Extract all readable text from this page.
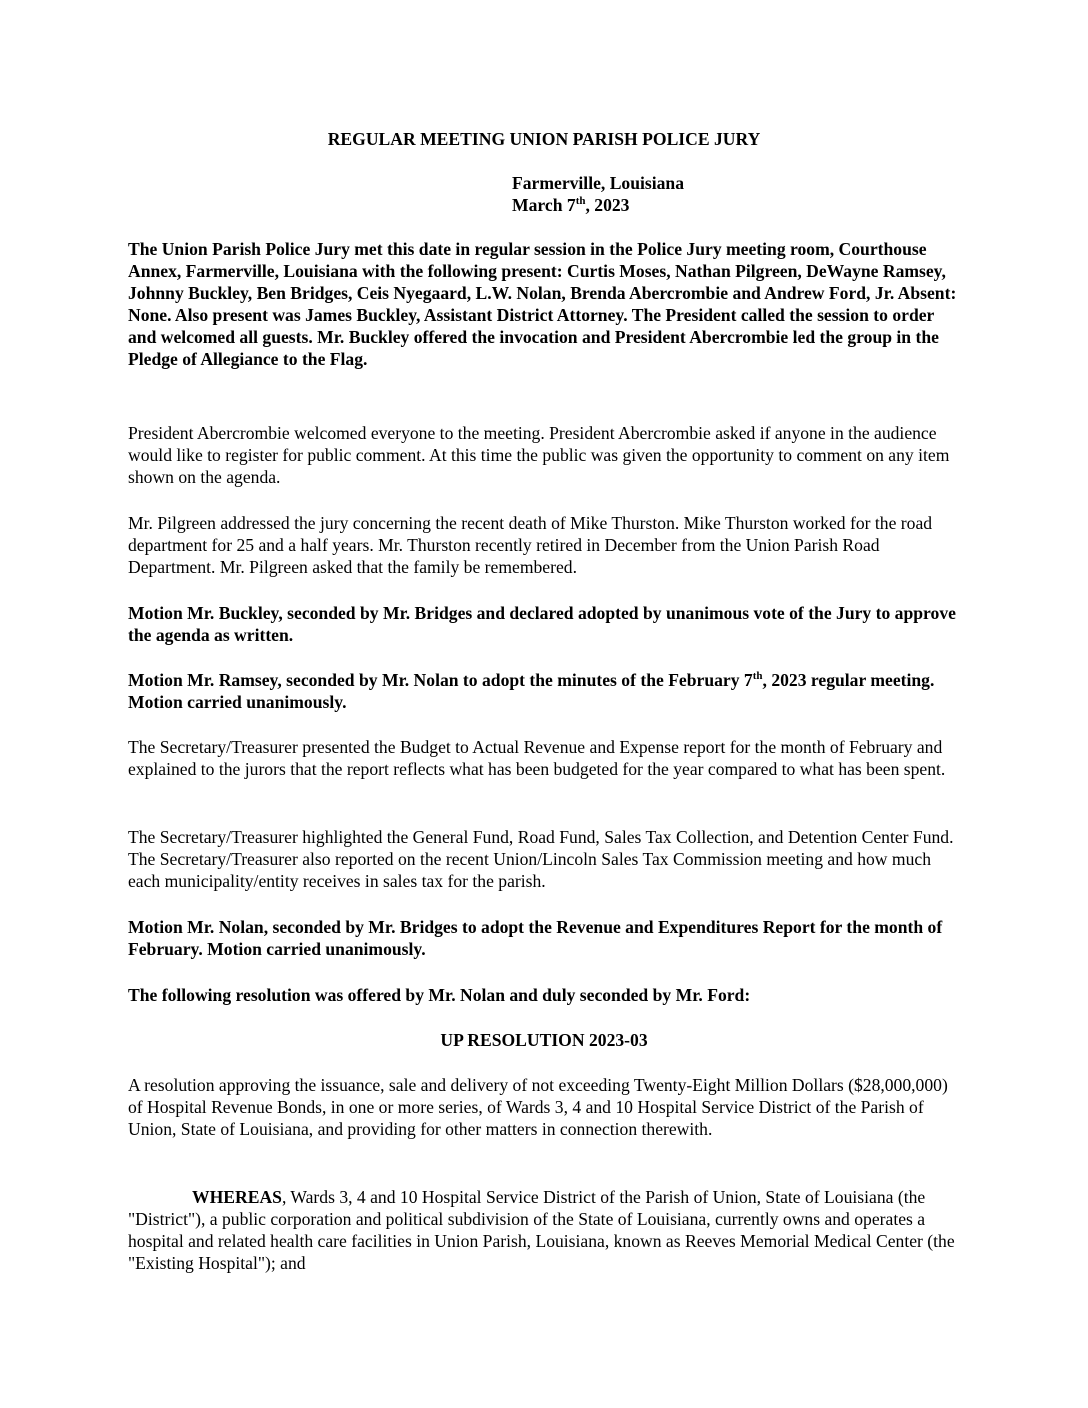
REGULAR MEETING UNION PARISH POLICE JURY
Farmerville, Louisiana
March 7th, 2023

The Union Parish Police Jury met this date in regular session in the Police Jury meeting room, Courthouse Annex, Farmerville, Louisiana with the following present: Curtis Moses, Nathan Pilgreen, DeWayne Ramsey, Johnny Buckley, Ben Bridges, Ceis Nyegaard, L.W. Nolan, Brenda Abercrombie and Andrew Ford, Jr. Absent: None. Also present was James Buckley, Assistant District Attorney. The President called the session to order and welcomed all guests. Mr. Buckley offered the invocation and President Abercrombie led the group in the Pledge of Allegiance to the Flag.

President Abercrombie welcomed everyone to the meeting. President Abercrombie asked if anyone in the audience would like to register for public comment. At this time the public was given the opportunity to comment on any item shown on the agenda.

Mr. Pilgreen addressed the jury concerning the recent death of Mike Thurston. Mike Thurston worked for the road department for 25 and a half years. Mr. Thurston recently retired in December from the Union Parish Road Department. Mr. Pilgreen asked that the family be remembered.

Motion Mr. Buckley, seconded by Mr. Bridges and declared adopted by unanimous vote of the Jury to approve the agenda as written.

Motion Mr. Ramsey, seconded by Mr. Nolan to adopt the minutes of the February 7th, 2023 regular meeting. Motion carried unanimously.

The Secretary/Treasurer presented the Budget to Actual Revenue and Expense report for the month of February and explained to the jurors that the report reflects what has been budgeted for the year compared to what has been spent.

The Secretary/Treasurer highlighted the General Fund, Road Fund, Sales Tax Collection, and Detention Center Fund. The Secretary/Treasurer also reported on the recent Union/Lincoln Sales Tax Commission meeting and how much each municipality/entity receives in sales tax for the parish.

Motion Mr. Nolan, seconded by Mr. Bridges to adopt the Revenue and Expenditures Report for the month of February. Motion carried unanimously.

The following resolution was offered by Mr. Nolan and duly seconded by Mr. Ford:

UP RESOLUTION 2023-03

A resolution approving the issuance, sale and delivery of not exceeding Twenty-Eight Million Dollars ($28,000,000) of Hospital Revenue Bonds, in one or more series, of Wards 3, 4 and 10 Hospital Service District of the Parish of Union, State of Louisiana, and providing for other matters in connection therewith.

WHEREAS, Wards 3, 4 and 10 Hospital Service District of the Parish of Union, State of Louisiana (the "District"), a public corporation and political subdivision of the State of Louisiana, currently owns and operates a hospital and related health care facilities in Union Parish, Louisiana, known as Reeves Memorial Medical Center (the "Existing Hospital"); and
